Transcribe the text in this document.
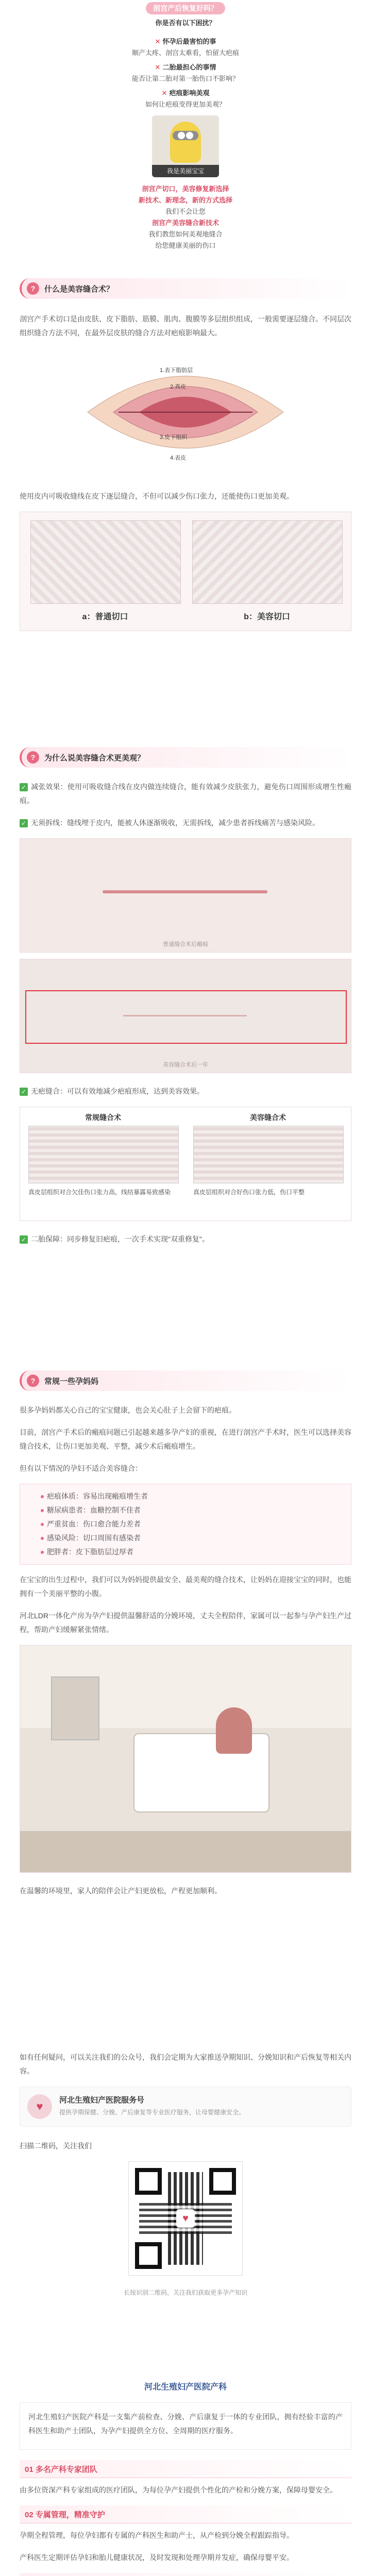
剖宫产后恢复好吗？
你是否有以下困扰？
✕ 怀孕后最害怕的事
顺产太疼、剖宫太难看，怕留大疤痕
✕ 二胎最担心的事情
能否让第二胎对第一胎伤口不影响？
✕ 疤痕影响美观
如何让疤痕变得更加美观？
我是美丽宝宝
剖宫产切口，美容修复新选择
新技术、新理念，新的方式选择
我们不会让您
剖宫产美容缝合新技术
我们教您如何美观地缝合
给您健康美丽的伤口
?	什么是美容缝合术？

剖宫产手术切口是由皮肤、皮下脂肪、筋膜、肌肉、腹膜等多层组织组成，一般需要逐层缝合。不同层次组织缝合方法不同，在最外层皮肤的缝合方法对疤痕影响最大。

1.表下脂肪层
2.真皮
3.皮下组织
4.表皮

使用皮内可吸收缝线在皮下逐层缝合，不但可以减少伤口张力，还能使伤口更加美观。

a：普通切口	b：美容切口
?	为什么说美容缝合术更美观？

✓ 减张效果：使用可吸收缝合线在皮内做连续缝合，能有效减少皮肤张力，避免伤口周围形成增生性瘢痕。

✓ 无须拆线：缝线埋于皮内，能被人体逐渐吸收，无需拆线，减少患者拆线痛苦与感染风险。

普通缝合术后瘢痕
美容缝合术后一年

✓ 无疤缝合：可以有效地减少疤痕形成，达到美容效果。

常规缝合术	美容缝合术
真皮层组织对合欠佳伤口张力高，线结暴露易致感染	真皮层组织对合好伤口张力低，伤口平整

✓ 二胎保障：同步修复旧疤痕，一次手术实现"双重修复"。

?	常规一些孕妈妈

很多孕妈妈都关心自己的宝宝健康，也会关心肚子上会留下的疤痕。

目前，剖宫产手术后的瘢痕问题已引起越来越多孕产妇的重视，在进行剖宫产手术时，医生可以选择美容缝合技术，让伤口更加美观、平整，减少术后瘢痕增生。

但有以下情况的孕妇不适合美容缝合：

疤痕体质：容易出现瘢痕增生者
糖尿病患者：血糖控制不佳者
严重贫血：伤口愈合能力差者
感染风险：切口周围有感染者
肥胖者：皮下脂肪层过厚者

在宝宝的出生过程中，我们可以为妈妈提供最安全、最美观的缝合技术，让妈妈在迎接宝宝的同时，也能拥有一个美丽平整的小腹。

河北LDR一体化产房为孕产妇提供温馨舒适的分娩环境，丈夫全程陪伴，家属可以一起参与孕产妇生产过程，帮助产妇缓解紧张情绪。

在温馨的环境里，家人的陪伴会让产妇更放松，产程更加顺利。

如有任何疑问，可以关注我们的公众号，我们会定期为大家推送孕期知识、分娩知识和产后恢复等相关内容。

♥	河北生殖妇产医院服务号
提供孕期保健、分娩、产后康复等专业医疗服务，让母婴健康安全。

扫描二维码，关注我们

♥

长按识别二维码，关注我们获取更多孕产知识

河北生殖妇产医院产科

河北生殖妇产医院产科是一支集产前检查、分娩、产后康复于一体的专业团队，拥有经验丰富的产科医生和助产士团队，为孕产妇提供全方位、全周期的医疗服务。

01 多名产科专家团队

由多位资深产科专家组成的医疗团队，为每位孕产妇提供个性化的产检和分娩方案，保障母婴安全。

02 专属管理，精准守护

孕期全程管理，每位孕妇都有专属的产科医生和助产士，从产检到分娩全程跟踪指导。

产科医生定期评估孕妇和胎儿健康状况，及时发现和处理孕期并发症，确保母婴平安。
